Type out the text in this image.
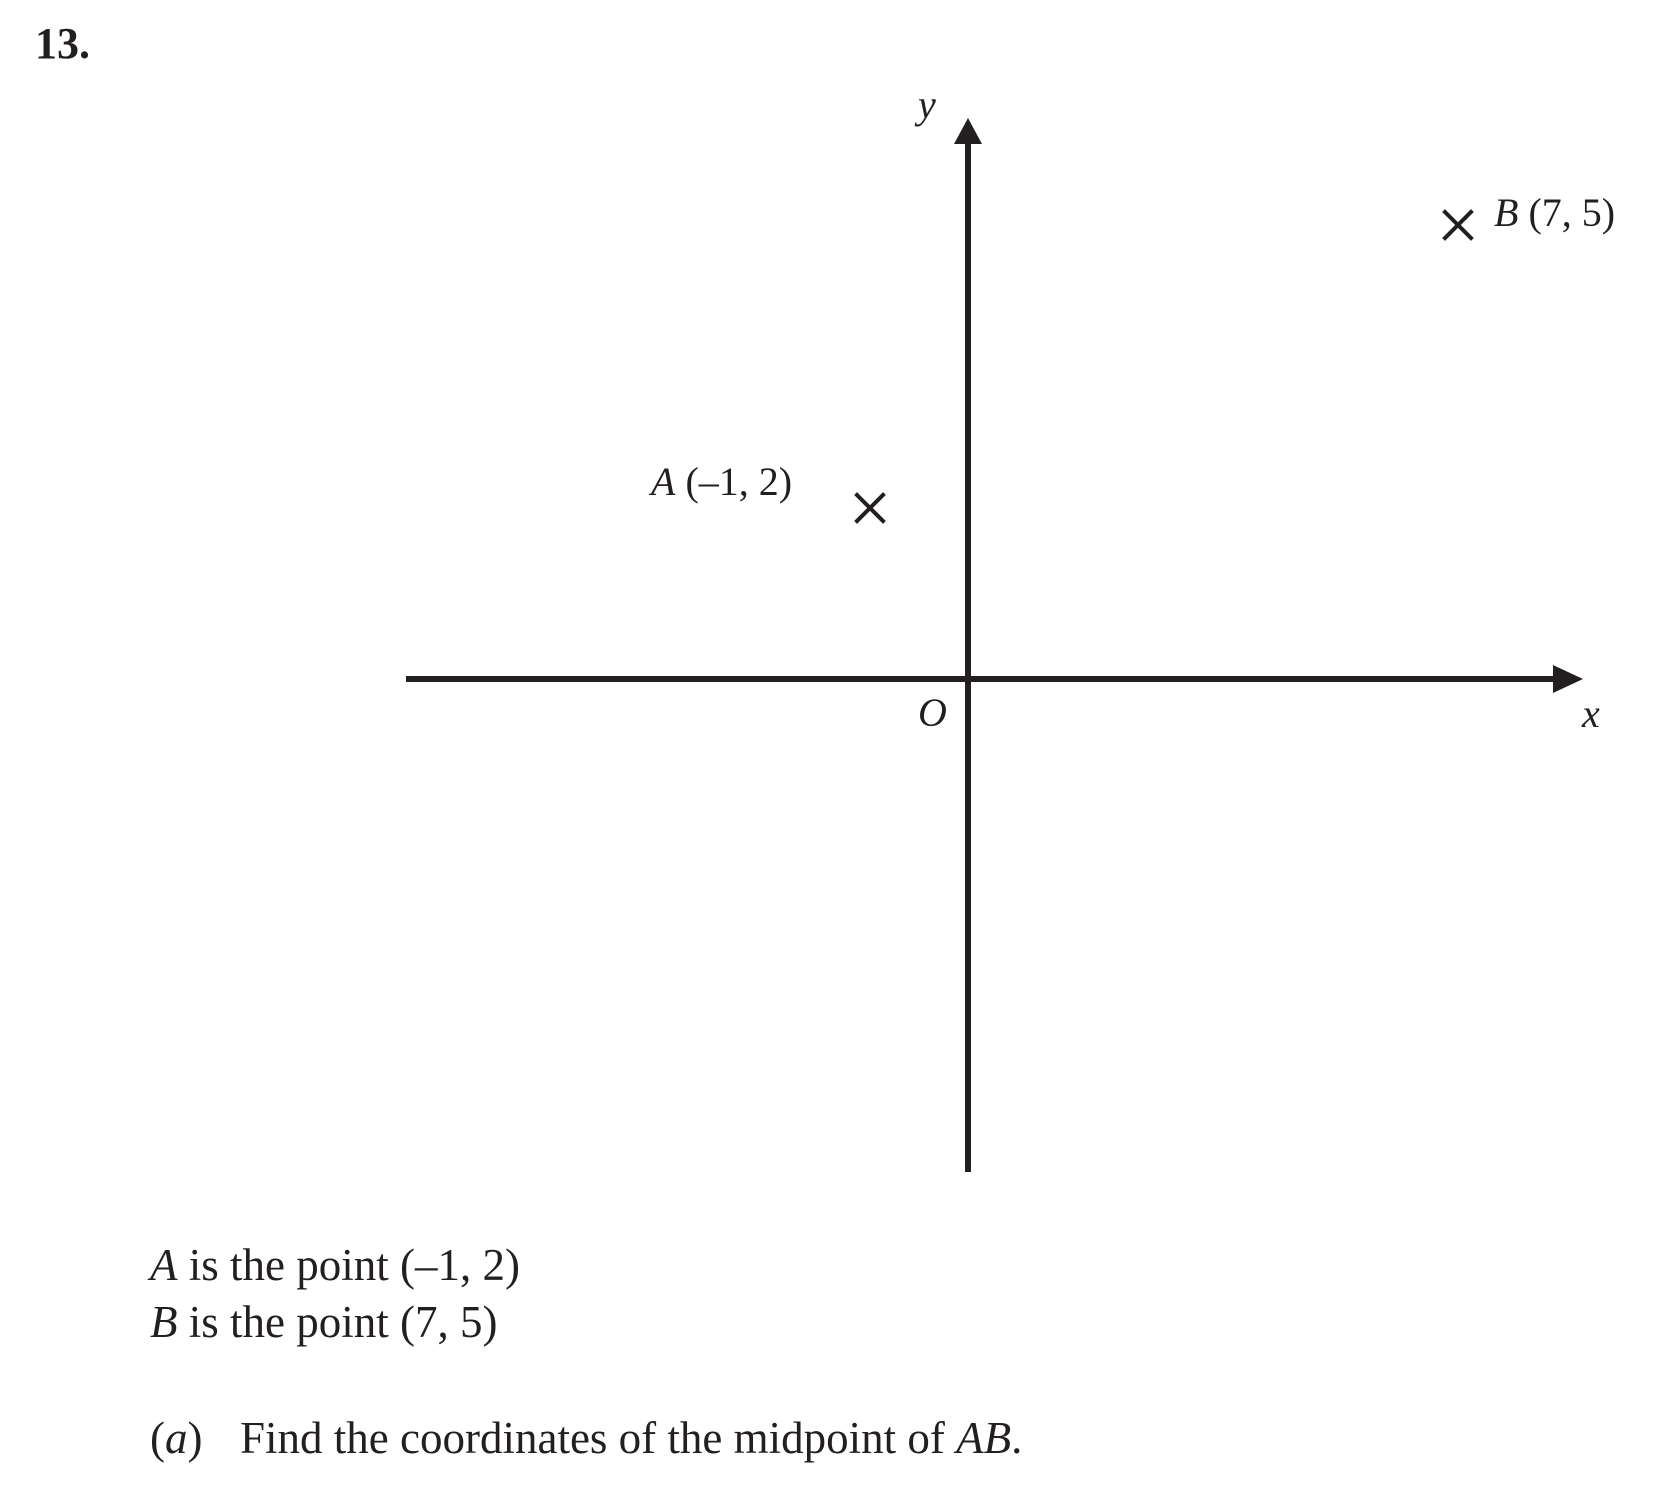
13.
y
x
O
A (–1, 2)
B (7, 5)
A is the point (–1, 2)
B is the point (7, 5)
(a) Find the coordinates of the midpoint of AB.
